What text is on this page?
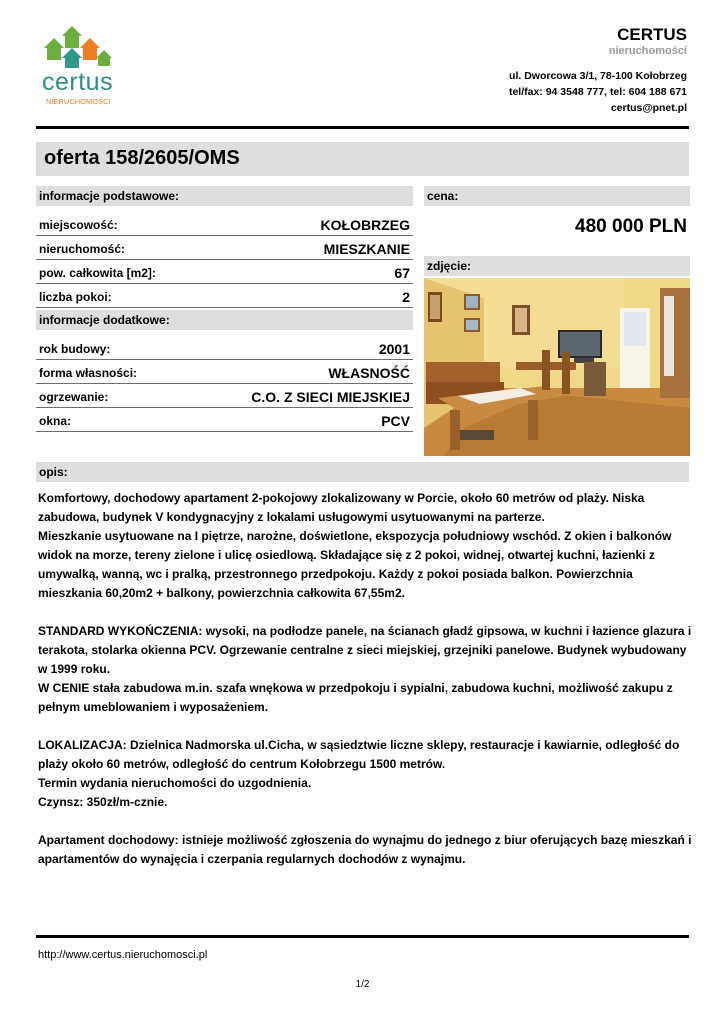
certus
NIERUCHOMOŚCI
CERTUS
nieruchomości
ul. Dworcowa 3/1, 78-100 Kołobrzeg
tel/fax: 94 3548 777, tel: 604 188 671
certus@pnet.pl
oferta 158/2605/OMS
informacje podstawowe:
miejscowość:	KOŁOBRZEG
nieruchomość:	MIESZKANIE
pow. całkowita [m2]:	67
liczba pokoi:	2
informacje dodatkowe:
rok budowy:	2001
forma własności:	WŁASNOŚĆ
ogrzewanie:	C.O. Z SIECI MIEJSKIEJ
okna:	PCV
cena:
480 000 PLN
zdjęcie:
opis:

Komfortowy, dochodowy apartament 2-pokojowy zlokalizowany w Porcie, około 60 metrów od plaży. Niska zabudowa, budynek V kondygnacyjny z lokalami usługowymi usytuowanymi na parterze.
Mieszkanie usytuowane na I piętrze, narożne, doświetlone, ekspozycja południowy wschód. Z okien i balkonów widok na morze, tereny zielone i ulicę osiedlową. Składające się z 2 pokoi, widnej, otwartej kuchni, łazienki z umywalką, wanną, wc i pralką, przestronnego przedpokoju. Każdy z pokoi posiada balkon. Powierzchnia mieszkania 60,20m2 + balkony, powierzchnia całkowita 67,55m2.

STANDARD WYKOŃCZENIA: wysoki, na podłodze panele, na ścianach gładź gipsowa, w kuchni i łazience glazura i terakota, stolarka okienna PCV. Ogrzewanie centralne z sieci miejskiej, grzejniki panelowe. Budynek wybudowany w 1999 roku.
W CENIE stała zabudowa m.in. szafa wnękowa w przedpokoju i sypialni, zabudowa kuchni, możliwość zakupu z pełnym umeblowaniem i wyposażeniem.

LOKALIZACJA: Dzielnica Nadmorska ul.Cicha, w sąsiedztwie liczne sklepy, restauracje i kawiarnie, odległość do plaży około 60 metrów, odległość do centrum Kołobrzegu 1500 metrów.
Termin wydania nieruchomości do uzgodnienia.
Czynsz: 350zł/m-cznie.

Apartament dochodowy: istnieje możliwość zgłoszenia do wynajmu do jednego z biur oferujących bazę mieszkań i apartamentów do wynajęcia i czerpania regularnych dochodów z wynajmu.

http://www.certus.nieruchomosci.pl
1/2
